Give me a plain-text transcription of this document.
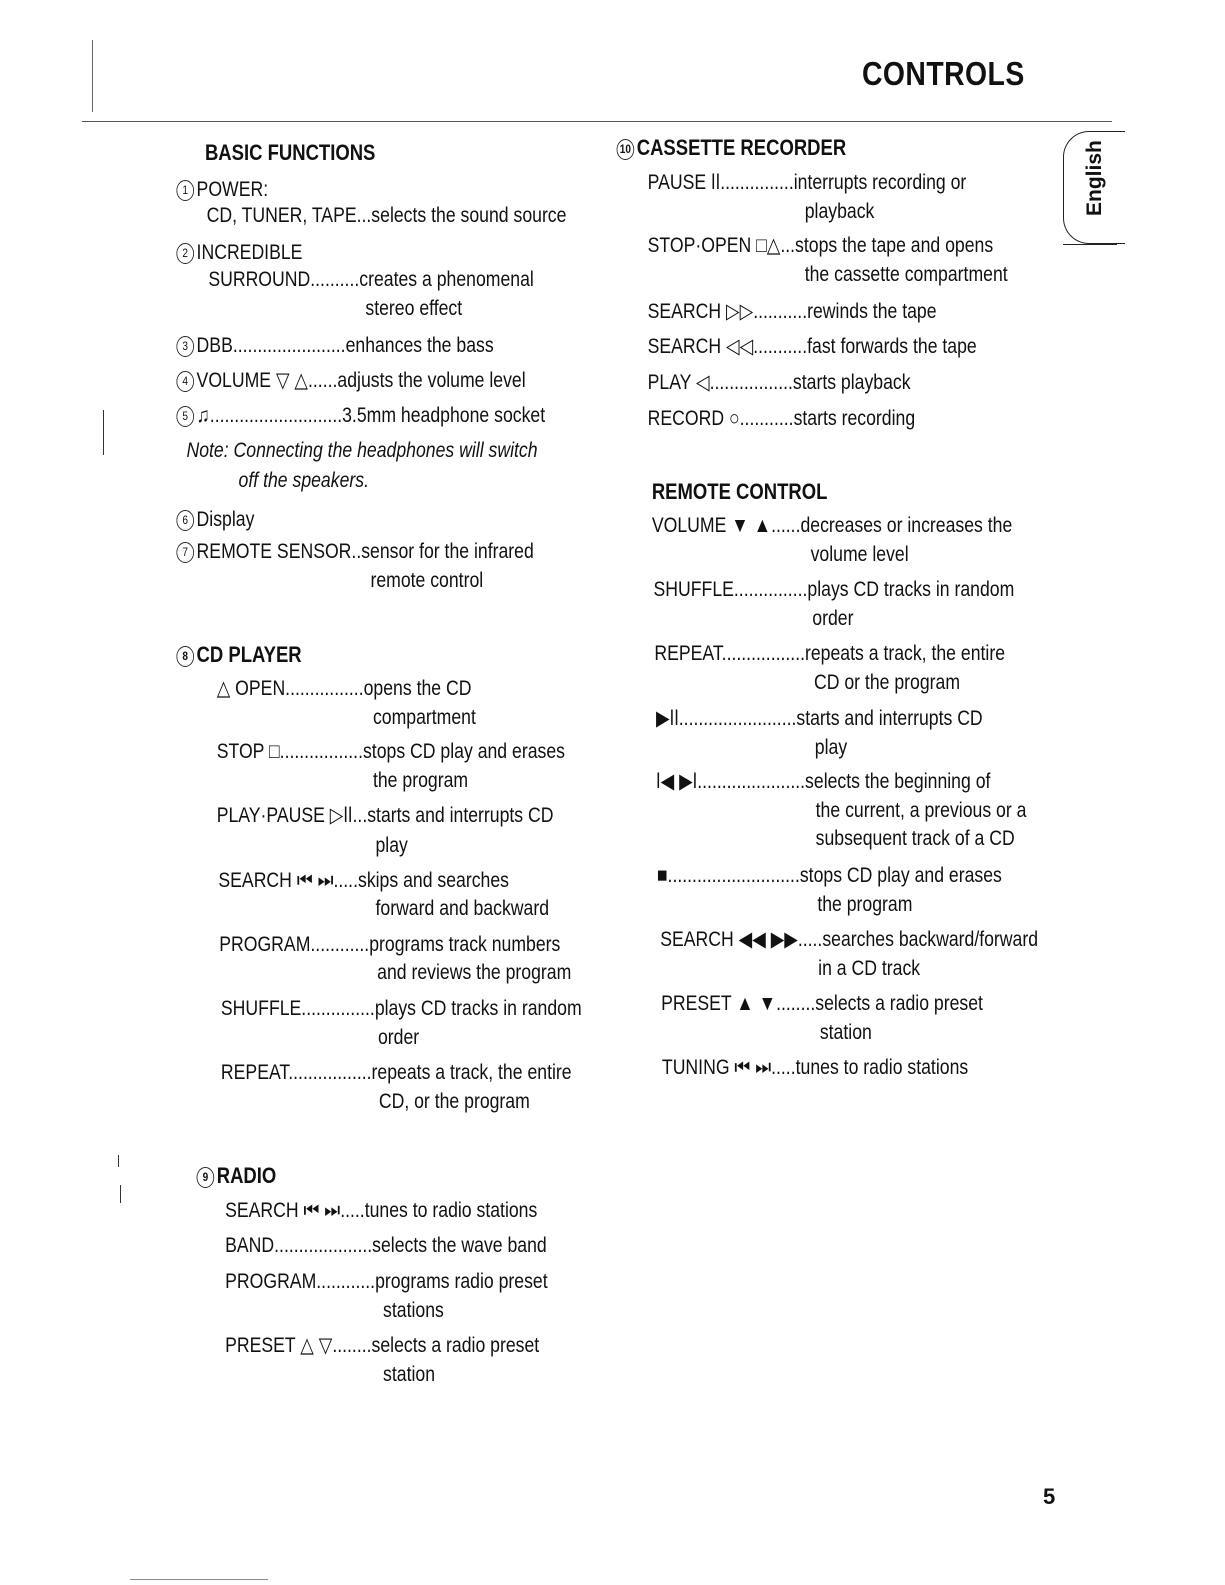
CONTROLS
English
BASIC FUNCTIONS
1 POWER:
CD, TUNER, TAPE...selects the sound source
2 INCREDIBLE
SURROUND..........creates a phenomenal
stereo effect
3 DBB.......................enhances the bass
4 VOLUME ▽ △......adjusts the volume level
5 ♫...........................3.5mm headphone socket
Note: Connecting the headphones will switch
off the speakers.
6 Display
7 REMOTE SENSOR..sensor for the infrared
remote control
8 CD PLAYER
△ OPEN................opens the CD
compartment
STOP □.................stops CD play and erases
the program
PLAY·PAUSE ▷ǀǀ...starts and interrupts CD
play
SEARCH ⏮ ⏭.....skips and searches
forward and backward
PROGRAM............programs track numbers
and reviews the program
SHUFFLE...............plays CD tracks in random
order
REPEAT.................repeats a track, the entire
CD, or the program
9 RADIO
SEARCH ⏮ ⏭.....tunes to radio stations
BAND....................selects the wave band
PROGRAM............programs radio preset
stations
PRESET △ ▽........selects a radio preset
station
10 CASSETTE RECORDER
PAUSE ǀǀ...............interrupts recording or
playback
STOP·OPEN □△...stops the tape and opens
the cassette compartment
SEARCH ▷▷...........rewinds the tape
SEARCH ◁◁...........fast forwards the tape
PLAY ◁.................starts playback
RECORD ○...........starts recording
REMOTE CONTROL
VOLUME ▼ ▲......decreases or increases the
volume level
SHUFFLE...............plays CD tracks in random
order
REPEAT.................repeats a track, the entire
CD or the program
▶ǀǀ........................starts and interrupts CD
play
ǀ◀ ▶ǀ......................selects the beginning of
the current, a previous or a
subsequent track of a CD
■...........................stops CD play and erases
the program
SEARCH ◀◀ ▶▶.....searches backward/forward
in a CD track
PRESET ▲ ▼........selects a radio preset
station
TUNING ⏮ ⏭.....tunes to radio stations
5
